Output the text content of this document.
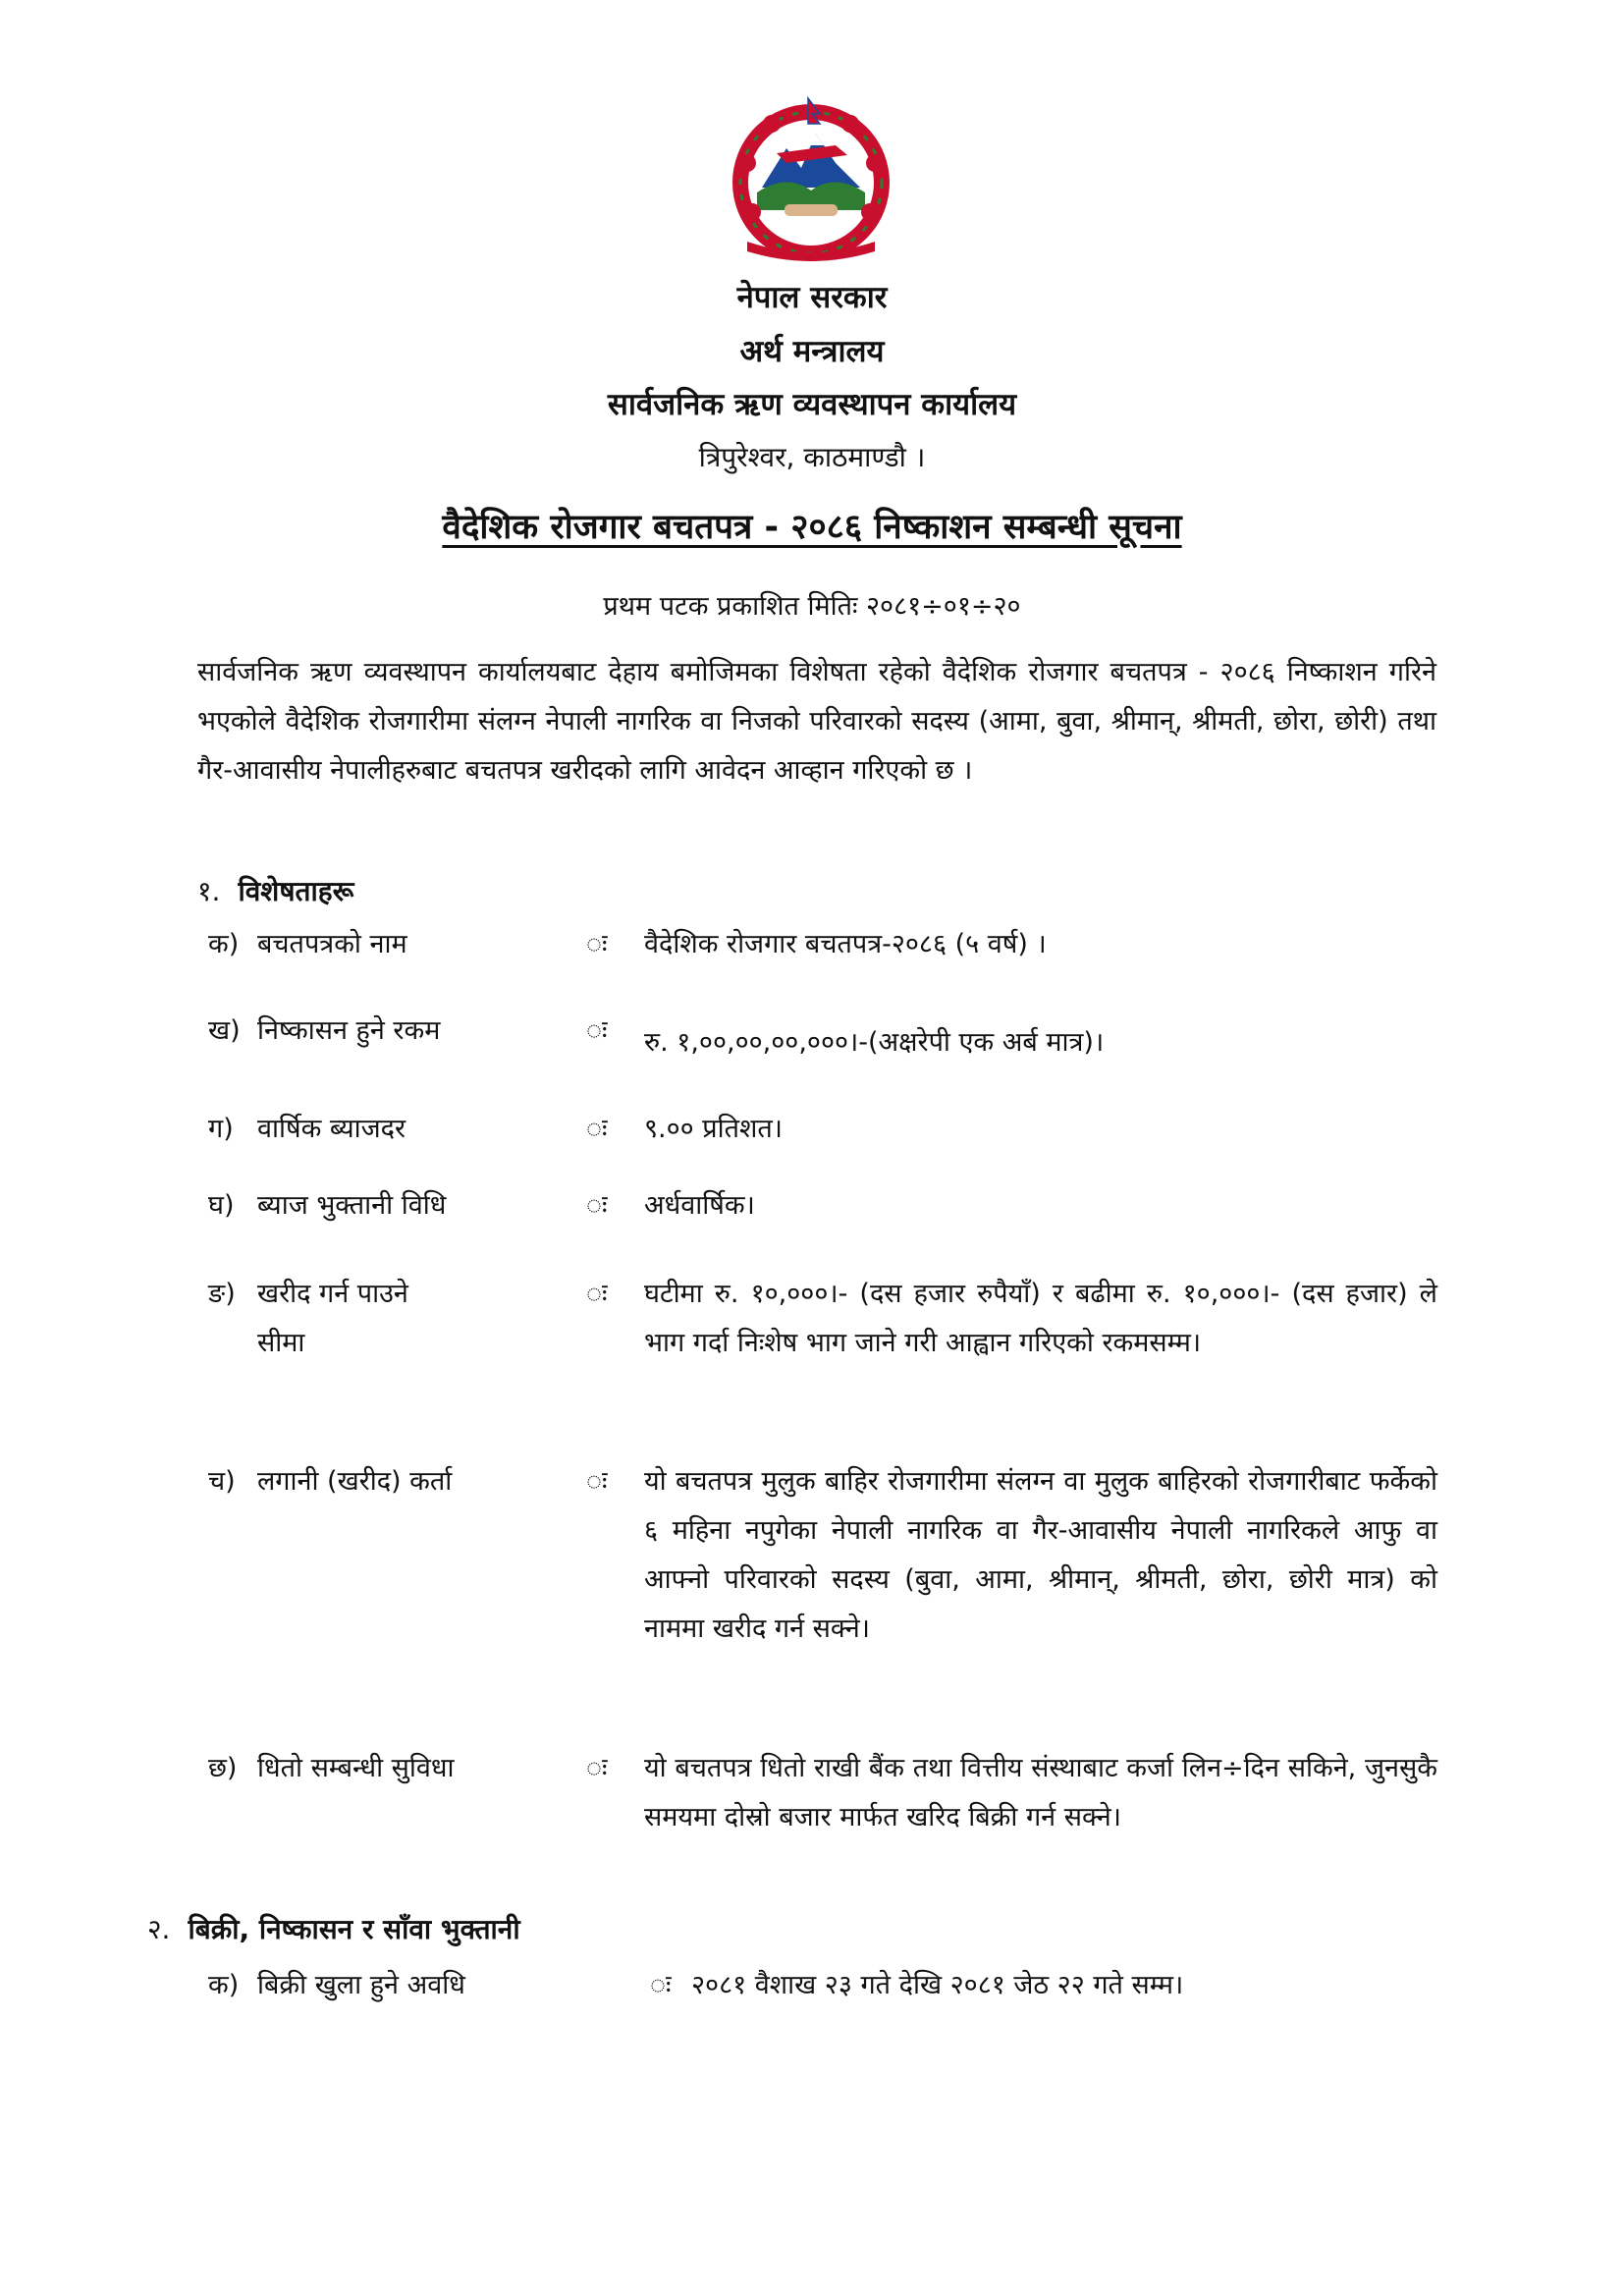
नेपाल सरकार
अर्थ मन्त्रालय
सार्वजनिक ऋण व्यवस्थापन कार्यालय
त्रिपुरेश्वर, काठमाण्डौ ।
वैदेशिक रोजगार बचतपत्र - २०८६ निष्काशन सम्बन्धी सूचना
प्रथम पटक प्रकाशित मितिः २०८१÷०१÷२०

सार्वजनिक ऋण व्यवस्थापन कार्यालयबाट देहाय बमोजिमका विशेषता रहेको वैदेशिक रोजगार बचतपत्र - २०८६ निष्काशन गरिने भएकोले वैदेशिक रोजगारीमा संलग्न नेपाली नागरिक वा निजको परिवारको सदस्य (आमा, बुवा, श्रीमान्, श्रीमती, छोरा, छोरी) तथा गैर-आवासीय नेपालीहरुबाट बचतपत्र खरीदको लागि आवेदन आव्हान गरिएको छ ।

१. विशेषताहरू
क) बचतपत्रको नाम	ः वैदेशिक रोजगार बचतपत्र-२०८६ (५ वर्ष) ।

ख) निष्कासन हुने रकम	ः रु. १,००,००,००,०००।-(अक्षरेपी एक अर्ब मात्र)।

ग) वार्षिक ब्याजदर	ः ९.०० प्रतिशत।

घ) ब्याज भुक्तानी विधि	ः अर्धवार्षिक।

ङ) खरीद गर्न पाउने
सीमा
ः घटीमा रु. १०,०००।- (दस हजार रुपैयाँ) र बढीमा रु. १०,०००।- (दस हजार) ले भाग गर्दा निःशेष भाग जाने गरी आह्वान गरिएको रकमसम्म।

च) लगानी (खरीद) कर्ता	ः यो बचतपत्र मुलुक बाहिर रोजगारीमा संलग्न वा मुलुक बाहिरको रोजगारीबाट फर्केको ६ महिना नपुगेका नेपाली नागरिक वा गैर-आवासीय नेपाली नागरिकले आफु वा आफ्नो परिवारको सदस्य (बुवा, आमा, श्रीमान्, श्रीमती, छोरा, छोरी मात्र) को नाममा खरीद गर्न सक्ने।

छ) धितो सम्बन्धी सुविधा	ः यो बचतपत्र धितो राखी बैंक तथा वित्तीय संस्थाबाट कर्जा लिन÷दिन सकिने, जुनसुकै समयमा दोस्रो बजार मार्फत खरिद बिक्री गर्न सक्ने।

२. बिक्री, निष्कासन र साँवा भुक्तानी
क) बिक्री खुला हुने अवधि	ः २०८१ वैशाख २३ गते देखि २०८१ जेठ २२ गते सम्म।
